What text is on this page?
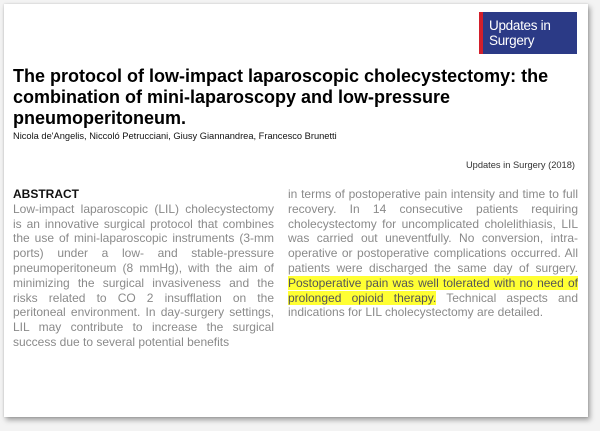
Updates in
Surgery
The protocol of low-impact laparoscopic cholecystectomy: the combination of mini-laparoscopy and low-pressure pneumoperitoneum.

Nicola de'Angelis, Niccoló Petrucciani, Giusy Giannandrea, Francesco Brunetti

Updates in Surgery (2018)

ABSTRACT

Low-impact laparoscopic (LIL) cholecystectomy is an innovative surgical protocol that combines the use of mini-laparoscopic instruments (3-mm ports) under a low- and stable-pressure pneumoperitoneum (8 mmHg), with the aim of minimizing the surgical invasiveness and the risks related to CO 2 insufflation on the peritoneal environment. In day-surgery settings, LIL may contribute to increase the surgical success due to several potential benefits

in terms of postoperative pain intensity and time to full recovery. In 14 consecutive patients requiring cholecystectomy for uncomplicated cholelithiasis, LIL was carried out uneventfully. No conversion, intra-operative or postoperative complications occurred. All patients were discharged the same day of surgery. Postoperative pain was well tolerated with no need of prolonged opioid therapy. Technical aspects and indications for LIL cholecystectomy are detailed.
